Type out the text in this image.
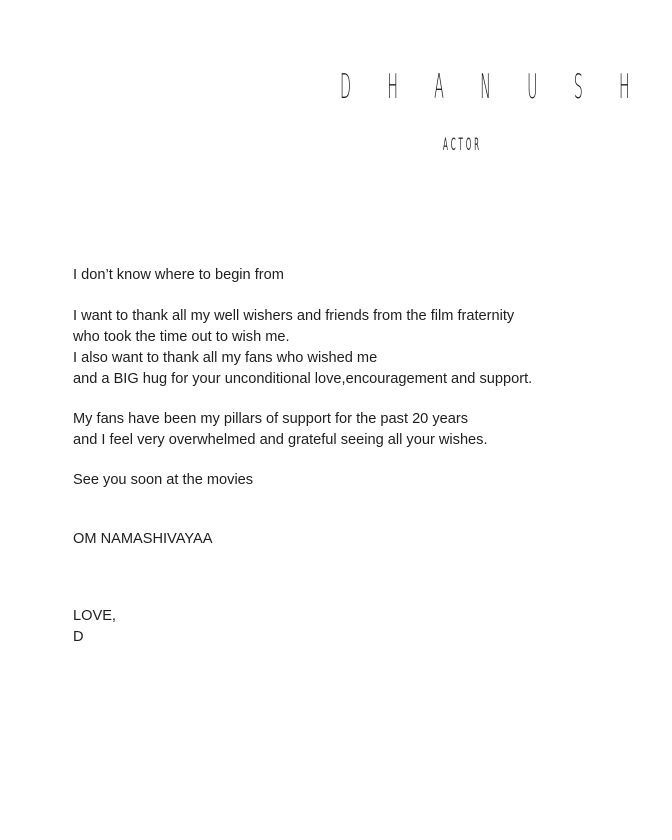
D H A N U S H
A C T O R

I don’t know where to begin from

I want to thank all my well wishers and friends from the film fraternity

who took the time out to wish me.

I also want to thank all my fans who wished me

and a BIG hug for your unconditional love,encouragement and support.

My fans have been my pillars of support for the past 20 years

and I feel very overwhelmed and grateful seeing all your wishes.

See you soon at the movies

OM NAMASHIVAYAA

LOVE,

D
